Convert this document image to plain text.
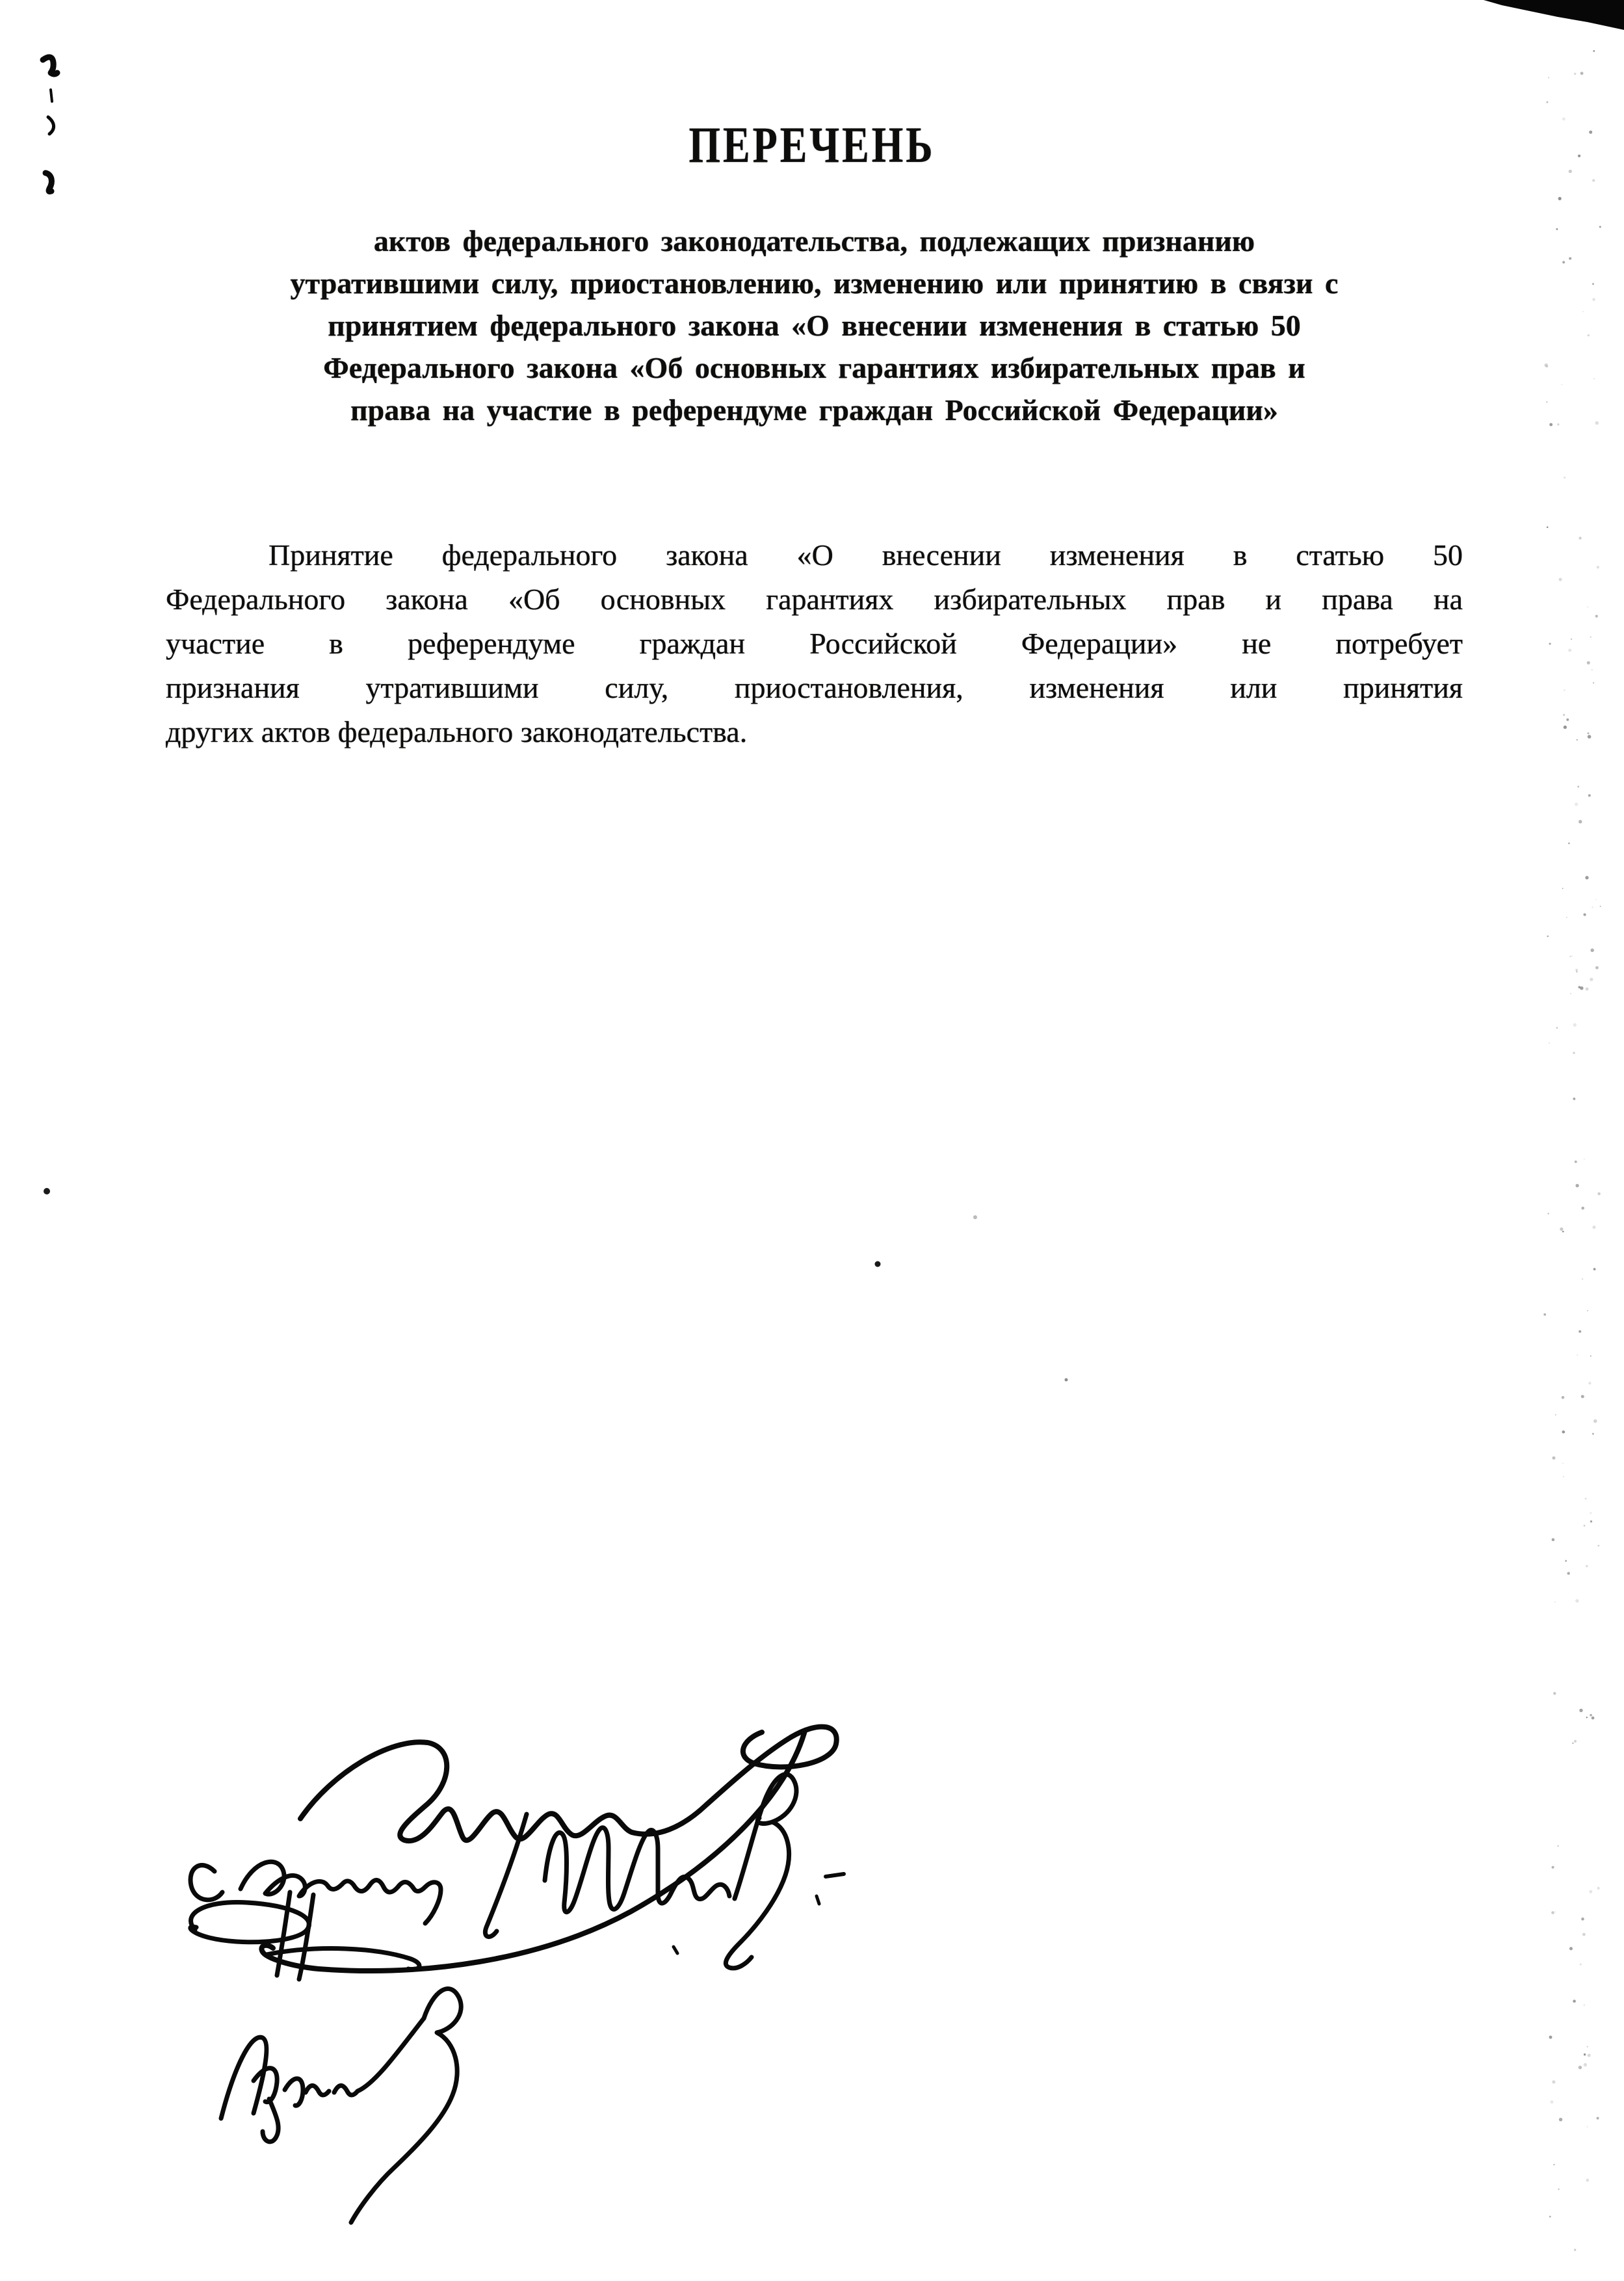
ПЕРЕЧЕНЬ
актов федерального законодательства, подлежащих признанию
утратившими силу, приостановлению, изменению или принятию в связи с
принятием федерального закона «О внесении изменения в статью 50
Федерального закона «Об основных гарантиях избирательных прав и
права на участие в референдуме граждан Российской Федерации»
Принятие федерального закона «О внесении изменения в статью 50
Федерального закона «Об основных гарантиях избирательных прав и права на
участие в референдуме граждан Российской Федерации» не потребует
признания утратившими силу, приостановления, изменения или принятия
других актов федерального законодательства.
